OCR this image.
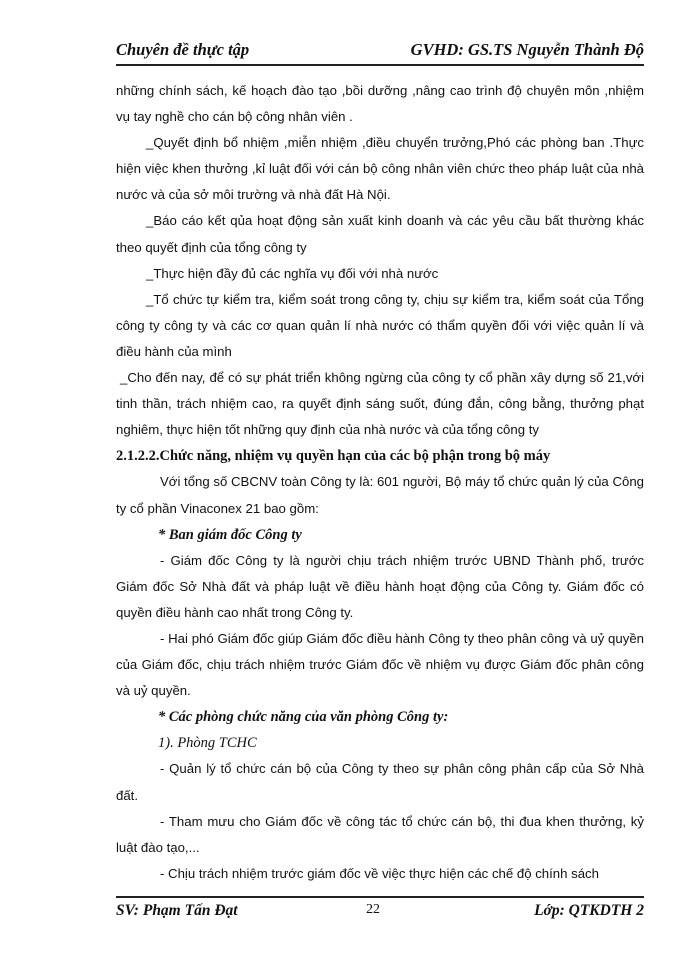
Chuyên đề thực tập	GVHD: GS.TS Nguyễn Thành Độ

những chính sách, kế hoạch đào tạo ,bồi dưỡng ,nâng cao trình độ chuyên môn ,nhiệm vụ tay nghề cho cán bộ công nhân viên .

_Quyết định bổ nhiệm ,miễn nhiệm ,điều chuyển trưởng,Phó các phòng ban .Thực hiện việc khen thưởng ,kỉ luật đối với cán bộ công nhân viên chức theo pháp luật của nhà nước và của sở môi trường và nhà đất Hà Nội.

_Báo cáo kết qủa hoạt động sản xuất kinh doanh và các yêu cầu bất thường khác theo quyết định của tổng công ty

_Thực hiện đầy đủ các nghĩa vụ đối với nhà nước

_Tổ chức tự kiểm tra, kiểm soát trong công ty, chịu sự kiểm tra, kiểm soát của Tổng công ty công ty và các cơ quan quản lí nhà nước có thẩm quyền đối với việc quản lí và điều hành của mình

_Cho đến nay, để có sự phát triển không ngừng của công ty cổ phần xây dựng số 21,với tinh thần, trách nhiệm cao, ra quyết định sáng suốt, đúng đắn, công bằng, thưởng phạt nghiêm, thực hiện tốt những quy định của nhà nước và của tổng công ty

2.1.2.2.Chức năng, nhiệm vụ quyền hạn của các bộ phận trong bộ máy

Với tổng số CBCNV toàn Công ty là: 601 người, Bộ máy tổ chức quản lý của Công ty cổ phần Vinaconex 21 bao gồm:

* Ban giám đốc Công ty

- Giám đốc Công ty là người chịu trách nhiệm trước UBND Thành phố, trước Giám đốc Sở Nhà đất và pháp luật về điều hành hoạt động của Công ty. Giám đốc có quyền điều hành cao nhất trong Công ty.

- Hai phó Giám đốc giúp Giám đốc điều hành Công ty theo phân công và uỷ quyền của Giám đốc, chịu trách nhiệm trước Giám đốc về nhiệm vụ được Giám đốc phân công và uỷ quyền.

* Các phòng chức năng của văn phòng Công ty:

1). Phòng TCHC

- Quản lý tổ chức cán bộ của Công ty theo sự phân công phân cấp của Sở Nhà đất.

- Tham mưu cho Giám đốc về công tác tổ chức cán bộ, thi đua khen thưởng, kỷ luật đào tạo,...

- Chịu trách nhiệm trước giám đốc về việc thực hiện các chế độ chính sách

SV: Phạm Tấn Đạt	22	Lớp: QTKDTH 2
